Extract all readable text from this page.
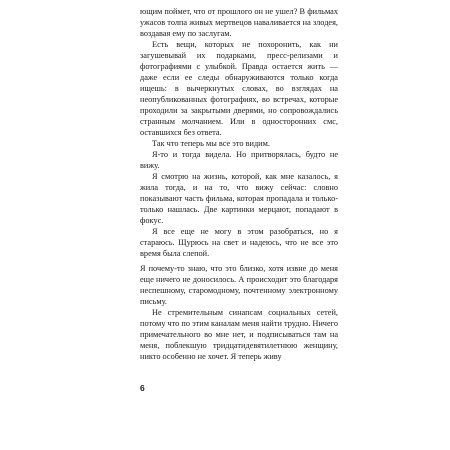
ющим поймет, что от прошлого он не ушел? В фильмах ужасов толпа живых мертвецов наваливается на злодея, воздавая ему по заслугам.

Есть вещи, которых не похоронить, как ни загушевывай их подарками, пресс-релизами и фотографиями с улыбкой. Правда остается жить — даже если ее следы обнаруживаются только когда ищешь: в вычеркнутых словах, во взглядах на неопубликованных фотографиях, во встречах, которые проходили за закрытыми дверями, но сопровождались странным молчанием. Или в односторонних смс, оставшихся без ответа.

Так что теперь мы все это видим.

Я-то и тогда видела. Но притворялась, будто не вижу.

Я смотрю на жизнь, которой, как мне казалось, я жила тогда, и на то, что вижу сейчас: словно показывают часть фильма, которая пропадала и только-только нашлась. Две картинки мерцают, попадают в фокус.

Я все еще не могу в этом разобраться, но я стараюсь. Щурюсь на свет и надеюсь, что не все это время была слепой.

Я почему-то знаю, что это близко, хотя извне до меня еще ничего не доносилось. А происходит это благодаря неспешному, старомодному, почтенному электронному письму.

Не стремительным синапсам социальных сетей, потому что по этим каналам меня найти трудно. Ничего примечательного во мне нет, и подписываться там на меня, поблекшую тридцатидевятилетнюю женщину, никто особенно не хочет. Я теперь живу

6
